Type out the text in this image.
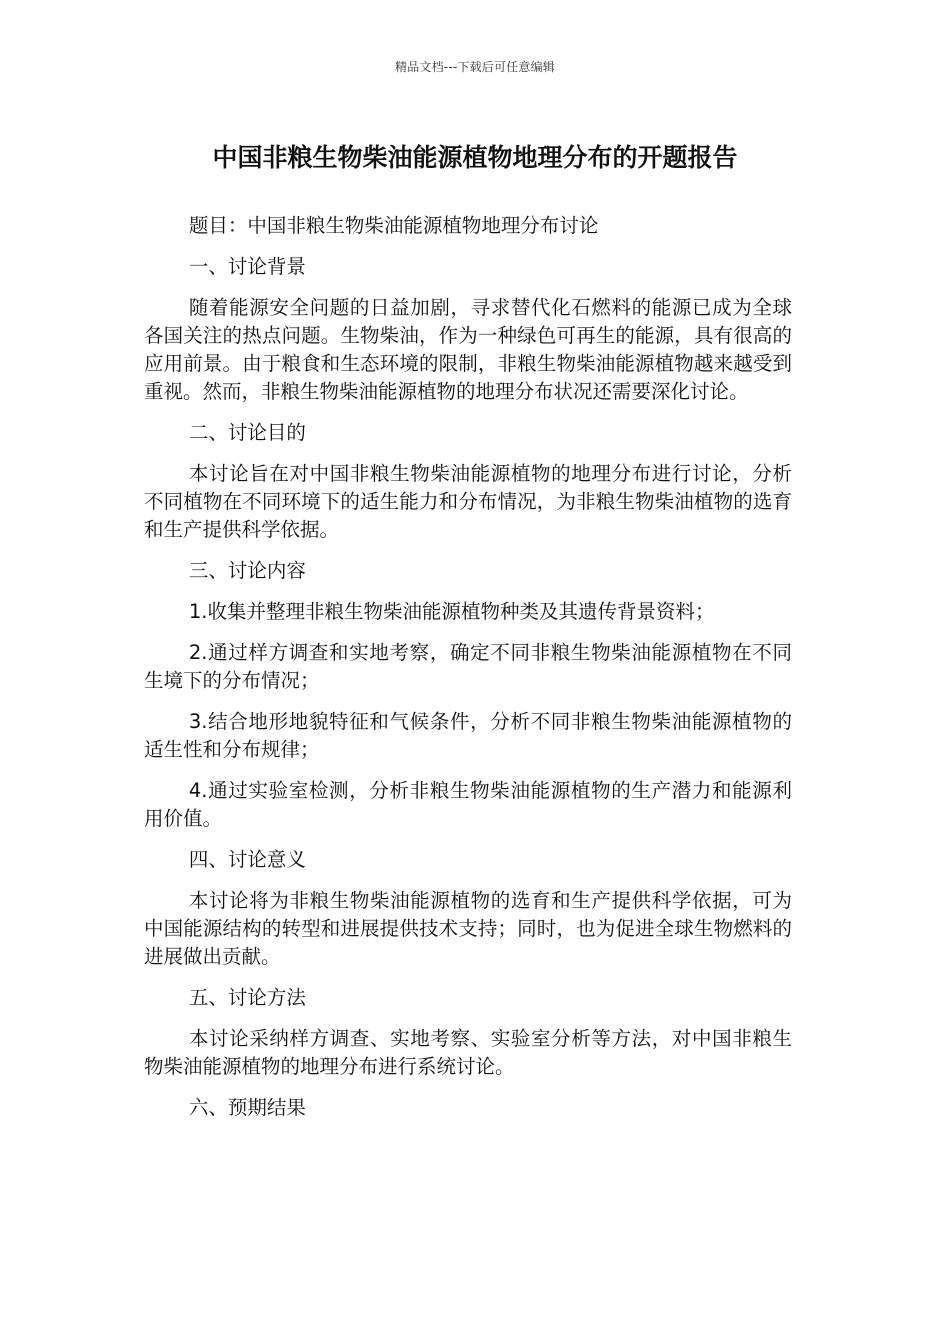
精品文档---下载后可任意编辑
中国非粮生物柴油能源植物地理分布的开题报告

题目：中国非粮生物柴油能源植物地理分布讨论

一、讨论背景

随着能源安全问题的日益加剧，寻求替代化石燃料的能源已成为全球各国关注的热点问题。生物柴油，作为一种绿色可再生的能源，具有很高的应用前景。由于粮食和生态环境的限制，非粮生物柴油能源植物越来越受到重视。然而，非粮生物柴油能源植物的地理分布状况还需要深化讨论。

二、讨论目的

本讨论旨在对中国非粮生物柴油能源植物的地理分布进行讨论，分析不同植物在不同环境下的适生能力和分布情况，为非粮生物柴油植物的选育和生产提供科学依据。

三、讨论内容

1.收集并整理非粮生物柴油能源植物种类及其遗传背景资料；

2.通过样方调查和实地考察，确定不同非粮生物柴油能源植物在不同生境下的分布情况；

3.结合地形地貌特征和气候条件，分析不同非粮生物柴油能源植物的适生性和分布规律；

4.通过实验室检测，分析非粮生物柴油能源植物的生产潜力和能源利用价值。

四、讨论意义

本讨论将为非粮生物柴油能源植物的选育和生产提供科学依据，可为中国能源结构的转型和进展提供技术支持；同时，也为促进全球生物燃料的进展做出贡献。

五、讨论方法

本讨论采纳样方调查、实地考察、实验室分析等方法，对中国非粮生物柴油能源植物的地理分布进行系统讨论。

六、预期结果
